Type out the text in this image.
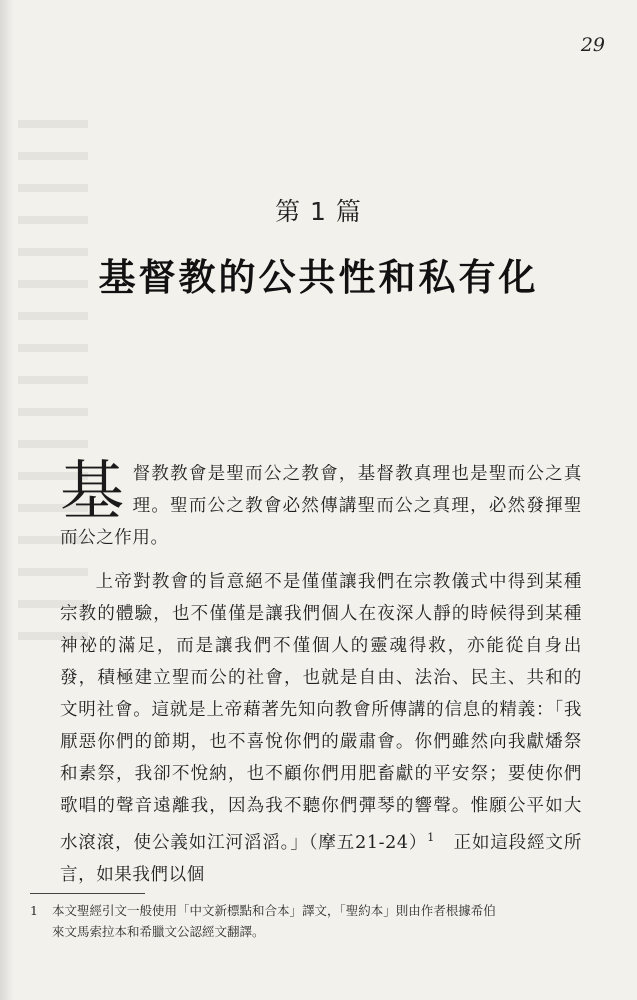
29
第 1 篇
基督教的公共性和私有化
基督教教會是聖而公之教會，基督教真理也是聖而公之真理。聖而公之教會必然傳講聖而公之真理，必然發揮聖而公之作用。
上帝對教會的旨意絕不是僅僅讓我們在宗教儀式中得到某種宗教的體驗，也不僅僅是讓我們個人在夜深人靜的時候得到某種神祕的滿足，而是讓我們不僅個人的靈魂得救，亦能從自身出發，積極建立聖而公的社會，也就是自由、法治、民主、共和的文明社會。這就是上帝藉著先知向教會所傳講的信息的精義：「我厭惡你們的節期，也不喜悅你們的嚴肅會。你們雖然向我獻燔祭和素祭，我卻不悅納，也不顧你們用肥畜獻的平安祭；要使你們歌唱的聲音遠離我，因為我不聽你們彈琴的響聲。惟願公平如大水滾滾，使公義如江河滔滔。」（摩五21-24）$^1$　 正如這段經文所言，如果我們以個
1 本文聖經引文一般使用「中文新標點和合本」譯文，「聖約本」則由作者根據希伯
來文馬索拉本和希臘文公認經文翻譯。
